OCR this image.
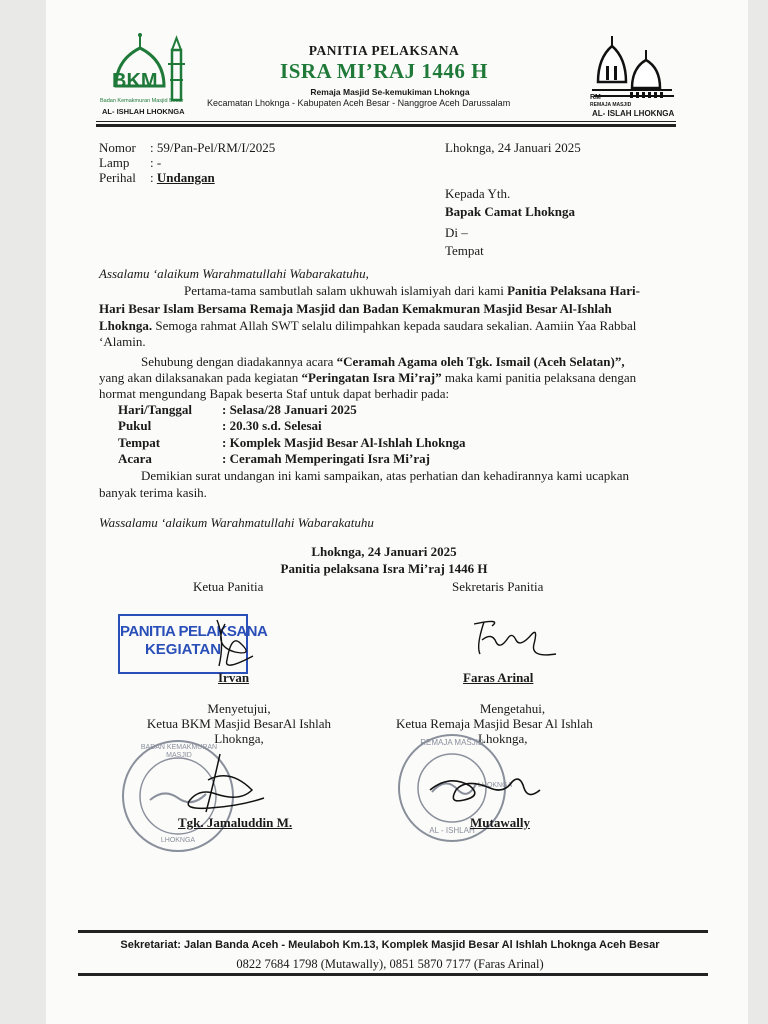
BKM
Badan Kemakmuran Masjid Besar
AL- ISHLAH LHOKNGA
PANITIA PELAKSANA
ISRA MI’RAJ 1446 H
Remaja Masjid Se-kemukiman Lhoknga
Kecamatan Lhoknga - Kabupaten Aceh Besar - Nanggroe Aceh Darussalam
RM
REMAJA MASJID
AL- ISLAH LHOKNGA
Nomor : 59/Pan-Pel/RM/I/2025
Lamp : -
Perihal : Undangan
Lhoknga, 24 Januari 2025
Kepada Yth.
Bapak Camat Lhoknga
Di –
Tempat
Assalamu ‘alaikum Warahmatullahi Wabarakatuhu,
Pertama-tama sambutlah salam ukhuwah islamiyah dari kami Panitia Pelaksana Hari-
Hari Besar Islam Bersama Remaja Masjid dan Badan Kemakmuran Masjid Besar Al-Ishlah
Lhoknga. Semoga rahmat Allah SWT selalu dilimpahkan kepada saudara sekalian. Aamiin Yaa Rabbal
‘Alamin.
Sehubung dengan diadakannya acara “Ceramah Agama oleh Tgk. Ismail (Aceh Selatan)”,
yang akan dilaksanakan pada kegiatan “Peringatan Isra Mi’raj” maka kami panitia pelaksana dengan
hormat mengundang Bapak beserta Staf untuk dapat berhadir pada:
Hari/Tanggal : Selasa/28 Januari 2025
Pukul	: 20.30 s.d. Selesai
Tempat	: Komplek Masjid Besar Al-Ishlah Lhoknga
Acara	: Ceramah Memperingati Isra Mi’raj
Demikian surat undangan ini kami sampaikan, atas perhatian dan kehadirannya kami ucapkan
banyak terima kasih.
Wassalamu ‘alaikum Warahmatullahi Wabarakatuhu
Lhoknga, 24 Januari 2025
Panitia pelaksana Isra Mi’raj 1446 H
Ketua Panitia	Sekretaris Panitia
PANITIA PELAKSANA
KEGIATAN
Irvan	Faras Arinal
Menyetujui,
Ketua BKM Masjid BesarAl Ishlah
Lhoknga,
Mengetahui,
Ketua Remaja Masjid Besar Al Ishlah
Lhoknga,
BADAN KEMAKMURAN MASJID
LHOKNGA
Tgk. Jamaluddin M.
REMAJA MASJID
AL - ISHLAH
LHOKNGA
Mutawally
Sekretariat: Jalan Banda Aceh - Meulaboh Km.13, Komplek Masjid Besar Al Ishlah Lhoknga Aceh Besar
0822 7684 1798 (Mutawally), 0851 5870 7177 (Faras Arinal)
